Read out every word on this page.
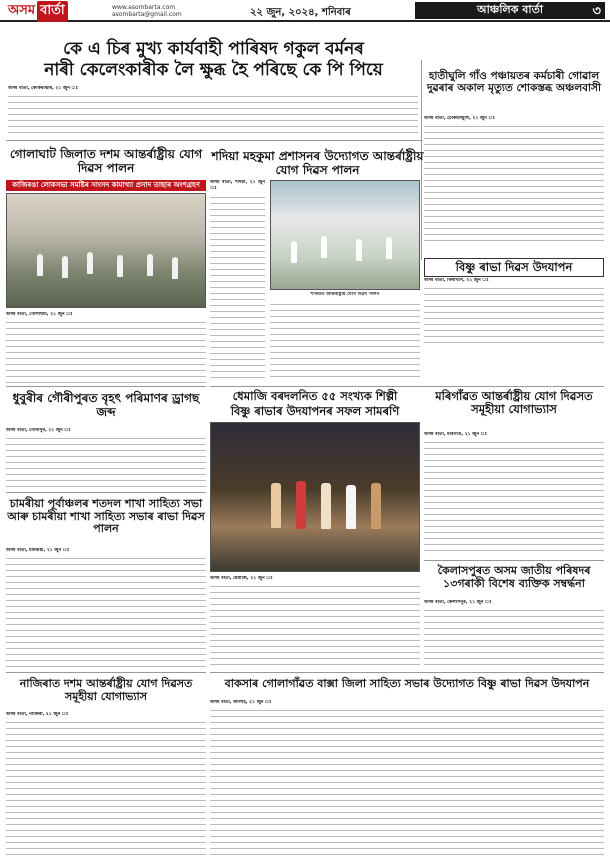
অসম বার্তা	www.asombarta.com
asombarta@gmail.com	২২ জুন, ২০২৪, শনিবাৰ	আঞ্চলিক বাৰ্তা	৩
কে এ চিৰ মুখ্য কাৰ্যবাহী পাৰিষদ গকুল বৰ্মনৰ
নাৰী কেলেংকাৰীক লৈ ক্ষুব্ধ হৈ পৰিছে কে পি পিয়ে
অসম বাৰ্তা, কোকৰাঝাৰ, ২১ জুন ঃ
হাতীঘুলি গাঁও পঞ্চায়তৰ কৰ্মচাৰী গোৱাল দুৱৰাৰ অকাল মৃত্যুত শোকস্তব্ধ অঞ্চলবাসী
অসম বাৰ্তা, ঢেকিয়াজুলি, ২১ জুন ঃ
গোলাঘাট জিলাত দশম আন্তৰ্ৰাষ্ট্ৰীয় যোগ দিৱস পালন
কাজিৰঙা লোকসভা সমষ্টিৰ সাংসদ কামাখ্যা প্ৰসাদ তাছাৰ অংশগ্ৰহণ
অসম বাৰ্তা, গোলাঘাট, ২১ জুন ঃ
শদিয়া মহকুমা প্ৰশাসনৰ উদ্যোগত আন্তৰ্ৰাষ্ট্ৰীয় যোগ দিৱস পালন
অসম বাৰ্তা, শদিয়া, ২১ জুন ঃ
শদিয়াত আন্তৰ্ৰাষ্ট্ৰীয় যোগ দিৱস পালন
বিষ্ণু ৰাভা দিৱস উদযাপন
অসম বাৰ্তা, কিমাখাস, ২১ জুন ঃ
ধেমাজি বৰদলনিত ৫৫ সংখ্যক শিল্পী
বিষ্ণু ৰাভাৰ উদযাপনৰ সফল সামৰণি
অসম বাৰ্তা, ধেমাজি, ২১ জুন ঃ
মৰিগাঁৱত আন্তৰ্ৰাষ্ট্ৰীয় যোগ দিৱসত সমূহীয়া যোগাভ্যাস
অসম বাৰ্তা, মৰিগাঁও, ২১ জুন ঃ
ধুবুৰীৰ গৌৰীপুৰত বৃহৎ পৰিমাণৰ ড্ৰাগছ জব্দ
অসম বাৰ্তা, গৌৰীপুৰ, ২১ জুন ঃ
চামৰীয়া পূৰ্বাঞ্চলৰ শতদল শাখা সাহিত্য সভা আৰু চামৰীয়া শাখা সাহিত্য সভাৰ ৰাভা দিৱস পালন
অসম বাৰ্তা, চামৰীয়া, ২১ জুন ঃ
কৈলাসপুৰত অসম জাতীয় পৰিষদৰ ১৩গৰাকী বিশেষ ব্যক্তিক সম্বৰ্দ্ধনা
অসম বাৰ্তা, কৈলাসপুৰ, ২১ জুন ঃ
নাজিৰাত দশম আন্তৰ্ৰাষ্ট্ৰীয় যোগ দিৱসত সমূহীয়া যোগাভ্যাস
অসম বাৰ্তা, নাজিৰা, ২১ জুন ঃ
বাকসাৰ গোলাগাঁৱত বাক্সা জিলা সাহিত্য সভাৰ উদ্যোগত বিষ্ণু ৰাভা দিৱস উদযাপন
অসম বাৰ্তা, জালাহ, ২১ জুন ঃ
